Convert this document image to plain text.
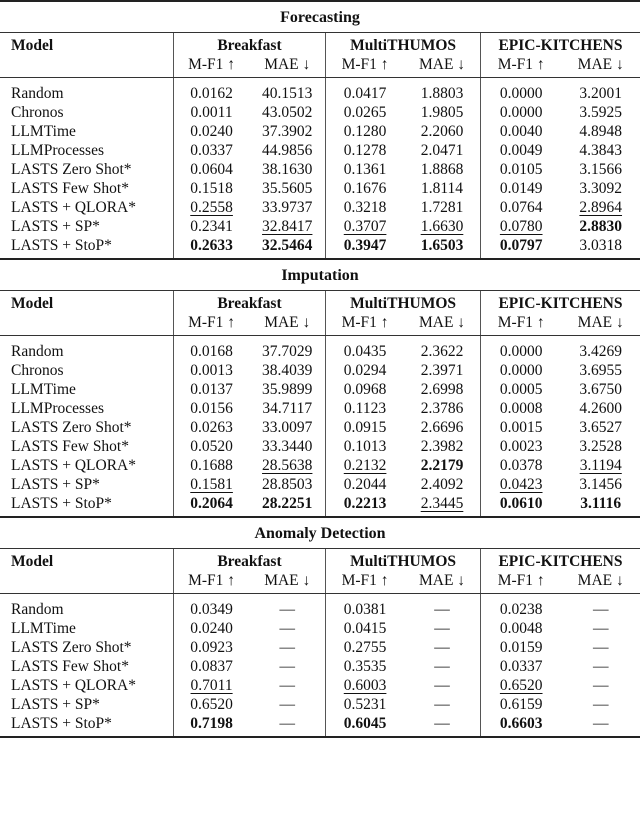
Forecasting						
Model	Breakfast		MultiTHUMOS		EPIC-KITCHENS	
	M-F1 ↑	MAE ↓	M-F1 ↑	MAE ↓	M-F1 ↑	MAE ↓
Random	0.0162	40.1513	0.0417	1.8803	0.0000	3.2001
Chronos	0.0011	43.0502	0.0265	1.9805	0.0000	3.5925
LLMTime	0.0240	37.3902	0.1280	2.2060	0.0040	4.8948
LLMProcesses	0.0337	44.9856	0.1278	2.0471	0.0049	4.3843
LASTS Zero Shot*	0.0604	38.1630	0.1361	1.8868	0.0105	3.1566
LASTS Few Shot*	0.1518	35.5605	0.1676	1.8114	0.0149	3.3092
LASTS + QLORA*	0.2558	33.9737	0.3218	1.7281	0.0764	2.8964
LASTS + SP*	0.2341	32.8417	0.3707	1.6630	0.0780	2.8830
LASTS + StoP*	0.2633	32.5464	0.3947	1.6503	0.0797	3.0318
Imputation						
Model	Breakfast		MultiTHUMOS		EPIC-KITCHENS	
	M-F1 ↑	MAE ↓	M-F1 ↑	MAE ↓	M-F1 ↑	MAE ↓
Random	0.0168	37.7029	0.0435	2.3622	0.0000	3.4269
Chronos	0.0013	38.4039	0.0294	2.3971	0.0000	3.6955
LLMTime	0.0137	35.9899	0.0968	2.6998	0.0005	3.6750
LLMProcesses	0.0156	34.7117	0.1123	2.3786	0.0008	4.2600
LASTS Zero Shot*	0.0263	33.0097	0.0915	2.6696	0.0015	3.6527
LASTS Few Shot*	0.0520	33.3440	0.1013	2.3982	0.0023	3.2528
LASTS + QLORA*	0.1688	28.5638	0.2132	2.2179	0.0378	3.1194
LASTS + SP*	0.1581	28.8503	0.2044	2.4092	0.0423	3.1456
LASTS + StoP*	0.2064	28.2251	0.2213	2.3445	0.0610	3.1116
Anomaly Detection						
Model	Breakfast		MultiTHUMOS		EPIC-KITCHENS	
	M-F1 ↑	MAE ↓	M-F1 ↑	MAE ↓	M-F1 ↑	MAE ↓
Random	0.0349	—	0.0381	—	0.0238	—
LLMTime	0.0240	—	0.0415	—	0.0048	—
LASTS Zero Shot*	0.0923	—	0.2755	—	0.0159	—
LASTS Few Shot*	0.0837	—	0.3535	—	0.0337	—
LASTS + QLORA*	0.7011	—	0.6003	—	0.6520	—
LASTS + SP*	0.6520	—	0.5231	—	0.6159	—
LASTS + StoP*	0.7198	—	0.6045	—	0.6603	—
